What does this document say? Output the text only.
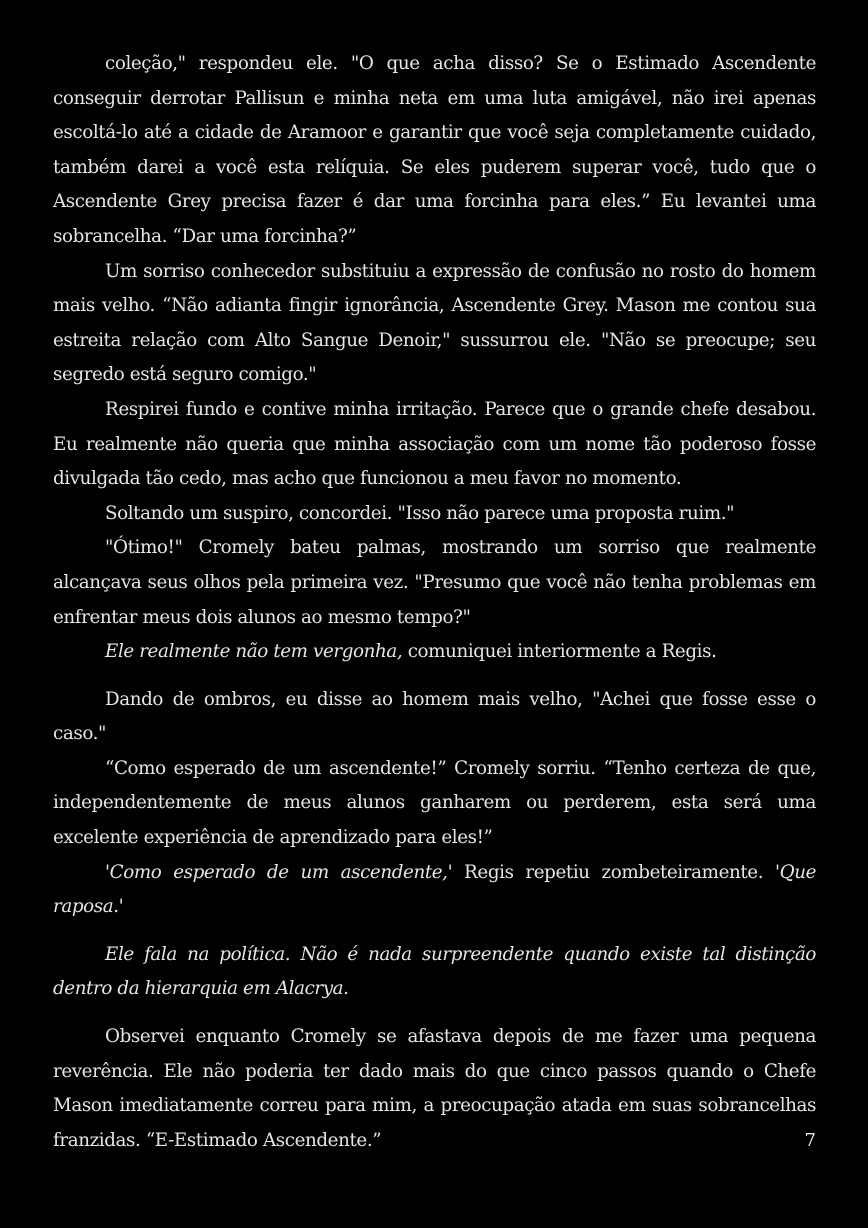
coleção," respondeu ele. "O que acha disso? Se o Estimado Ascendente conseguir derrotar Pallisun e minha neta em uma luta amigável, não irei apenas escoltá-lo até a cidade de Aramoor e garantir que você seja completamente cuidado, também darei a você esta relíquia. Se eles puderem superar você, tudo que o Ascendente Grey precisa fazer é dar uma forcinha para eles.” Eu levantei uma sobrancelha. “Dar uma forcinha?”

Um sorriso conhecedor substituiu a expressão de confusão no rosto do homem mais velho. “Não adianta fingir ignorância, Ascendente Grey. Mason me contou sua estreita relação com Alto Sangue Denoir," sussurrou ele. "Não se preocupe; seu segredo está seguro comigo."

Respirei fundo e contive minha irritação. Parece que o grande chefe desabou. Eu realmente não queria que minha associação com um nome tão poderoso fosse divulgada tão cedo, mas acho que funcionou a meu favor no momento.

Soltando um suspiro, concordei. "Isso não parece uma proposta ruim."

"Ótimo!" Cromely bateu palmas, mostrando um sorriso que realmente alcançava seus olhos pela primeira vez. "Presumo que você não tenha problemas em enfrentar meus dois alunos ao mesmo tempo?"

Ele realmente não tem vergonha, comuniquei interiormente a Regis.

Dando de ombros, eu disse ao homem mais velho, "Achei que fosse esse o caso."

“Como esperado de um ascendente!” Cromely sorriu. “Tenho certeza de que, independentemente de meus alunos ganharem ou perderem, esta será uma excelente experiência de aprendizado para eles!”

'Como esperado de um ascendente,' Regis repetiu zombeteiramente. 'Que raposa.'

Ele fala na política. Não é nada surpreendente quando existe tal distinção dentro da hierarquia em Alacrya.

Observei enquanto Cromely se afastava depois de me fazer uma pequena reverência. Ele não poderia ter dado mais do que cinco passos quando o Chefe Mason imediatamente correu para mim, a preocupação atada em suas sobrancelhas franzidas. “E-Estimado Ascendente.”	7
